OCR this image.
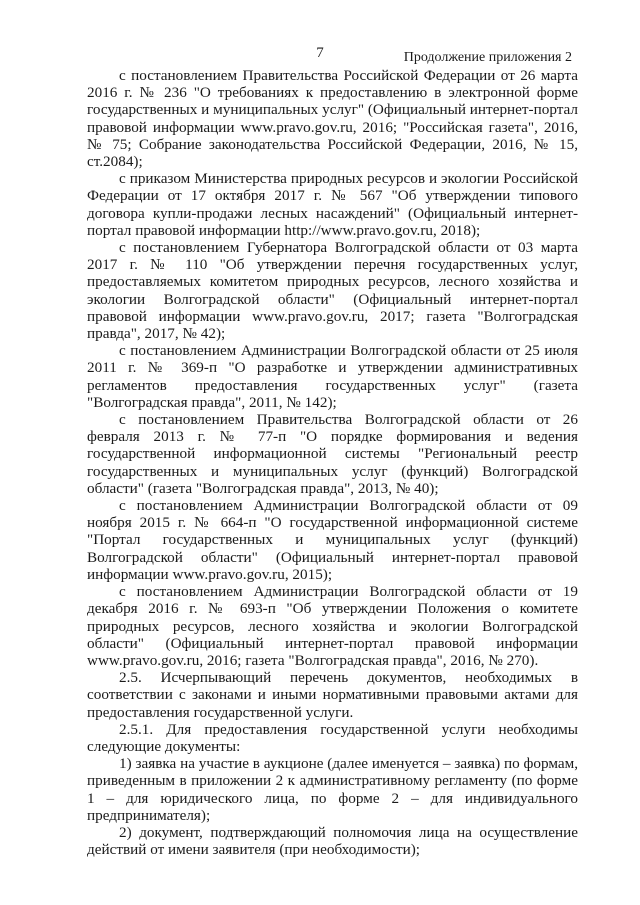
7	Продолжение приложения 2

с постановлением Правительства Российской Федерации от 26 марта 2016 г. № 236 "О требованиях к предоставлению в электронной форме государственных и муниципальных услуг" (Официальный интернет-портал правовой информации www.pravo.gov.ru, 2016; "Российская газета", 2016, № 75; Собрание законодательства Российской Федерации, 2016, № 15, ст.2084);

с приказом Министерства природных ресурсов и экологии Российской Федерации от 17 октября 2017 г. № 567 "Об утверждении типового договора купли-продажи лесных насаждений" (Официальный интернет-портал правовой информации http://www.pravo.gov.ru, 2018);

с постановлением Губернатора Волгоградской области от 03 марта 2017 г. № 110 "Об утверждении перечня государственных услуг, предоставляемых комитетом природных ресурсов, лесного хозяйства и экологии Волгоградской области" (Официальный интернет-портал правовой информации www.pravo.gov.ru, 2017; газета "Волгоградская правда", 2017, № 42);

с постановлением Администрации Волгоградской области от 25 июля 2011 г. № 369-п "О разработке и утверждении административных регламентов предоставления государственных услуг" (газета "Волгоградская правда", 2011, № 142);

с постановлением Правительства Волгоградской области от 26 февраля 2013 г. № 77-п "О порядке формирования и ведения государственной информационной системы "Региональный реестр государственных и муниципальных услуг (функций) Волгоградской области" (газета "Волгоградская правда", 2013, № 40);

с постановлением Администрации Волгоградской области от 09 ноября 2015 г. № 664-п "О государственной информационной системе "Портал государственных и муниципальных услуг (функций) Волгоградской области" (Официальный интернет-портал правовой информации www.pravo.gov.ru, 2015);

с постановлением Администрации Волгоградской области от 19 декабря 2016 г. № 693-п "Об утверждении Положения о комитете природных ресурсов, лесного хозяйства и экологии Волгоградской области" (Официальный интернет-портал правовой информации www.pravo.gov.ru, 2016; газета "Волгоградская правда", 2016, № 270).

2.5. Исчерпывающий перечень документов, необходимых в соответствии с законами и иными нормативными правовыми актами для предоставления государственной услуги.

2.5.1. Для предоставления государственной услуги необходимы следующие документы:

1) заявка на участие в аукционе (далее именуется – заявка) по формам, приведенным в приложении 2 к административному регламенту (по форме 1 – для юридического лица, по форме 2 – для индивидуального предпринимателя);

2) документ, подтверждающий полномочия лица на осуществление действий от имени заявителя (при необходимости);
